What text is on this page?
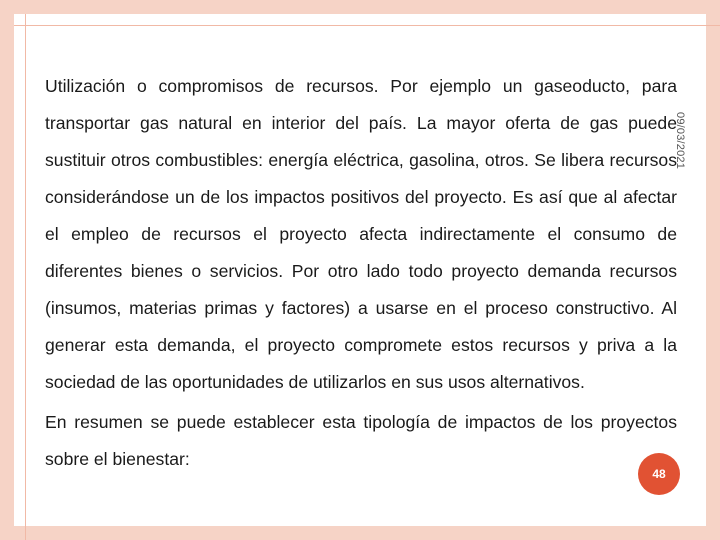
Utilización o compromisos de recursos. Por ejemplo un gaseoducto, para transportar gas natural en interior del país. La mayor oferta de gas puede sustituir otros combustibles: energía eléctrica, gasolina, otros. Se libera recursos considerándose un de los impactos positivos del proyecto. Es así que al afectar el empleo de recursos el proyecto afecta indirectamente el consumo de diferentes bienes o servicios. Por otro lado todo proyecto demanda recursos (insumos, materias primas y factores) a usarse en el proceso constructivo. Al generar esta demanda, el proyecto compromete estos recursos y priva a la sociedad de las oportunidades de utilizarlos en sus usos alternativos.

En resumen se puede establecer esta tipología de impactos de los proyectos sobre el bienestar:

09/03/2021
48
